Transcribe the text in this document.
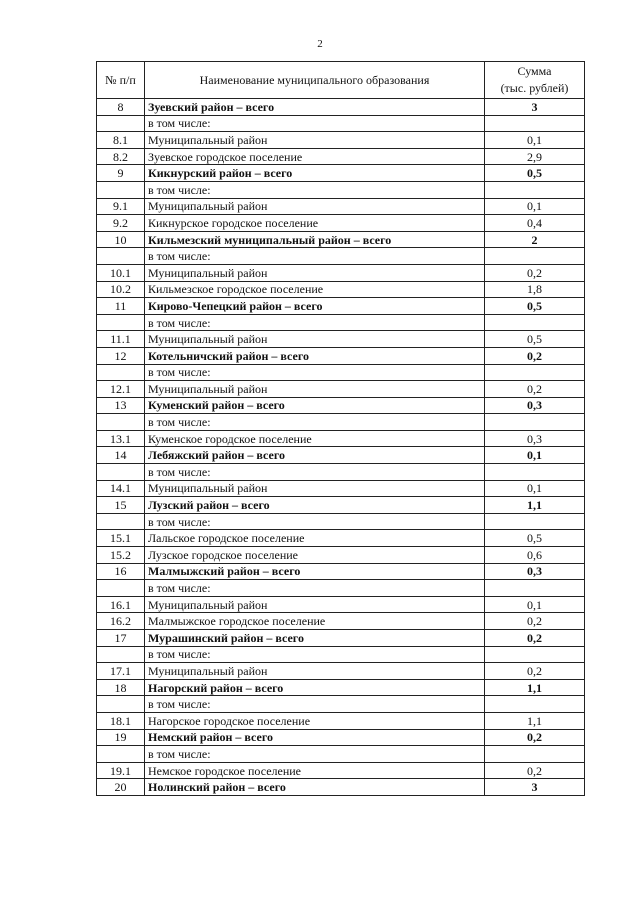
2
№ п/п	Наименование муниципального образования	Сумма
(тыс. рублей)

8	Зуевский район – всего	3
	в том числе:	
8.1	Муниципальный район	0,1
8.2	Зуевское городское поселение	2,9
9	Кикнурский район – всего	0,5
	в том числе:	
9.1	Муниципальный район	0,1
9.2	Кикнурское городское поселение	0,4
10	Кильмезский муниципальный район – всего	2
	в том числе:	
10.1	Муниципальный район	0,2
10.2	Кильмезское городское поселение	1,8
11	Кирово-Чепецкий район – всего	0,5
	в том числе:	
11.1	Муниципальный район	0,5
12	Котельничский район – всего	0,2
	в том числе:	
12.1	Муниципальный район	0,2
13	Куменский район – всего	0,3
	в том числе:	
13.1	Куменское городское поселение	0,3
14	Лебяжский район – всего	0,1
	в том числе:	
14.1	Муниципальный район	0,1
15	Лузский район – всего	1,1
	в том числе:	
15.1	Лальское городское поселение	0,5
15.2	Лузское городское поселение	0,6
16	Малмыжский район – всего	0,3
	в том числе:	
16.1	Муниципальный район	0,1
16.2	Малмыжское городское поселение	0,2
17	Мурашинский район – всего	0,2
	в том числе:	
17.1	Муниципальный район	0,2
18	Нагорский район – всего	1,1
	в том числе:	
18.1	Нагорское городское поселение	1,1
19	Немский район – всего	0,2
	в том числе:	
19.1	Немское городское поселение	0,2
20	Нолинский район – всего	3
